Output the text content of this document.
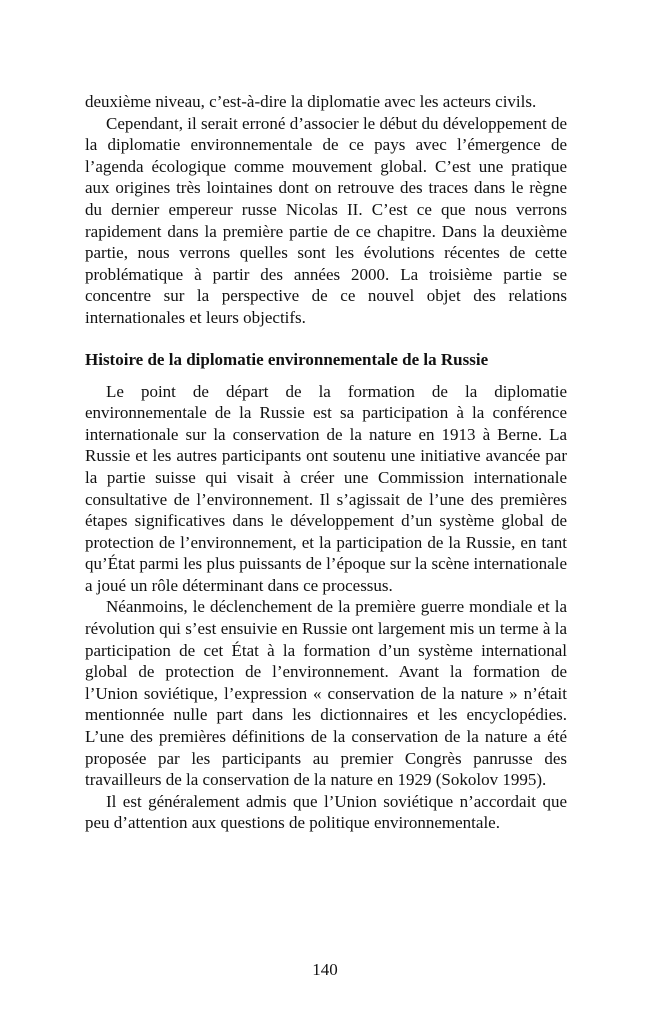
deuxième niveau, c’est-à-dire la diplomatie avec les acteurs civils.

Cependant, il serait erroné d’associer le début du développement de la diplomatie environnementale de ce pays avec l’émergence de l’agenda écologique comme mouvement global. C’est une pratique aux origines très lointaines dont on retrouve des traces dans le règne du dernier empereur russe Nicolas II. C’est ce que nous verrons rapidement dans la première partie de ce chapitre. Dans la deuxième partie, nous verrons quelles sont les évolutions récentes de cette problématique à partir des années 2000. La troisième partie se concentre sur la perspective de ce nouvel objet des relations internationales et leurs objectifs.

Histoire de la diplomatie environnementale de la Russie

Le point de départ de la formation de la diplomatie environnementale de la Russie est sa participation à la conférence internationale sur la conservation de la nature en 1913 à Berne. La Russie et les autres participants ont soutenu une initiative avancée par la partie suisse qui visait à créer une Commission internationale consultative de l’environnement. Il s’agissait de l’une des premières étapes significatives dans le développement d’un système global de protection de l’environnement, et la participation de la Russie, en tant qu’État parmi les plus puissants de l’époque sur la scène internationale a joué un rôle déterminant dans ce processus.

Néanmoins, le déclenchement de la première guerre mondiale et la révolution qui s’est ensuivie en Russie ont largement mis un terme à la participation de cet État à la formation d’un système international global de protection de l’environnement. Avant la formation de l’Union soviétique, l’expression « conservation de la nature » n’était mentionnée nulle part dans les dictionnaires et les encyclopédies. L’une des premières définitions de la conservation de la nature a été proposée par les participants au premier Congrès panrusse des travailleurs de la conservation de la nature en 1929 (Sokolov 1995).

Il est généralement admis que l’Union soviétique n’accordait que peu d’attention aux questions de politique environnementale.

140
